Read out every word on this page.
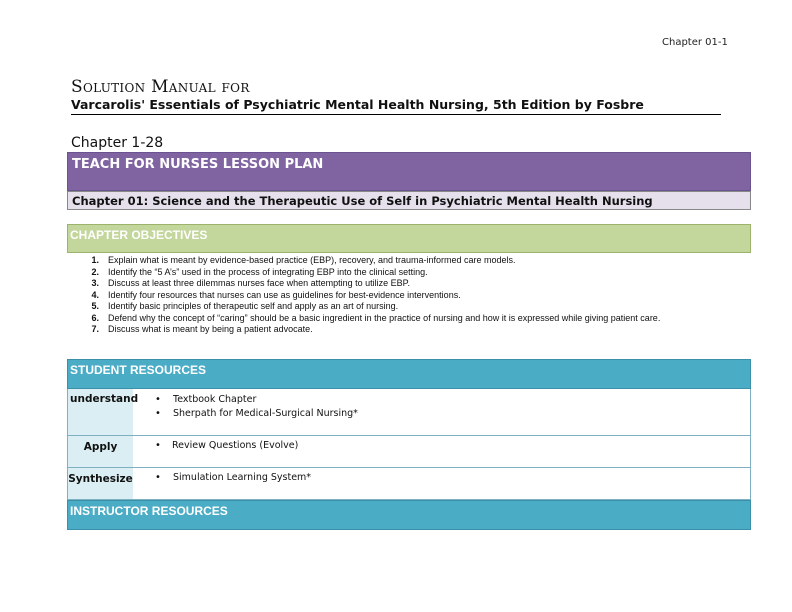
Chapter 01-1
Solution Manual for
Varcarolis' Essentials of Psychiatric Mental Health Nursing, 5th Edition by Fosbre
Chapter 1-28
TEACH FOR NURSES LESSON PLAN
Chapter 01: Science and the Therapeutic Use of Self in Psychiatric Mental Health Nursing
CHAPTER OBJECTIVES
1.	Explain what is meant by evidence-based practice (EBP), recovery, and trauma-informed care models.
2.	Identify the “5 A’s” used in the process of integrating EBP into the clinical setting.
3.	Discuss at least three dilemmas nurses face when attempting to utilize EBP.
4.	Identify four resources that nurses can use as guidelines for best-evidence interventions.
5.	Identify basic principles of therapeutic self and apply as an art of nursing.
6.	Defend why the concept of “caring” should be a basic ingredient in the practice of nursing and how it is expressed while giving patient care.
7.	Discuss what is meant by being a patient advocate.
STUDENT RESOURCES
understand	• Textbook Chapter
• Sherpath for Medical-Surgical Nursing*
Apply	• Review Questions (Evolve)
Synthesize	• Simulation Learning System*
INSTRUCTOR RESOURCES
